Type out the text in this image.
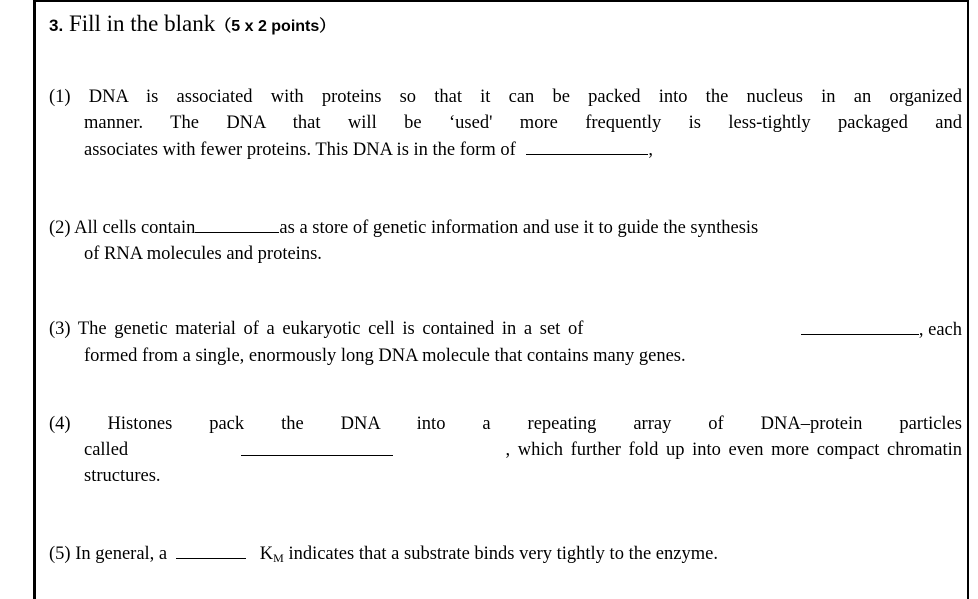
3. Fill in the blank（5 x 2 points）
(1) DNA is associated with proteins so that it can be packed into the nucleus in an organized
manner. The DNA that will be ‘used' more frequently is less-tightly packaged and
associates with fewer proteins. This DNA is in the form of	,
(2) All cells contain	as a store of genetic information and use it to guide the synthesis
of RNA molecules and proteins.
(3) The genetic material of a eukaryotic cell is contained in a set of	, each
formed from a single, enormously long DNA molecule that contains many genes.
(4) Histones pack the DNA into a repeating array of DNA–protein particles
called	, which further fold up into even more compact chromatin
structures.
(5) In general, a	$K_M$ indicates that a substrate binds very tightly to the enzyme.
